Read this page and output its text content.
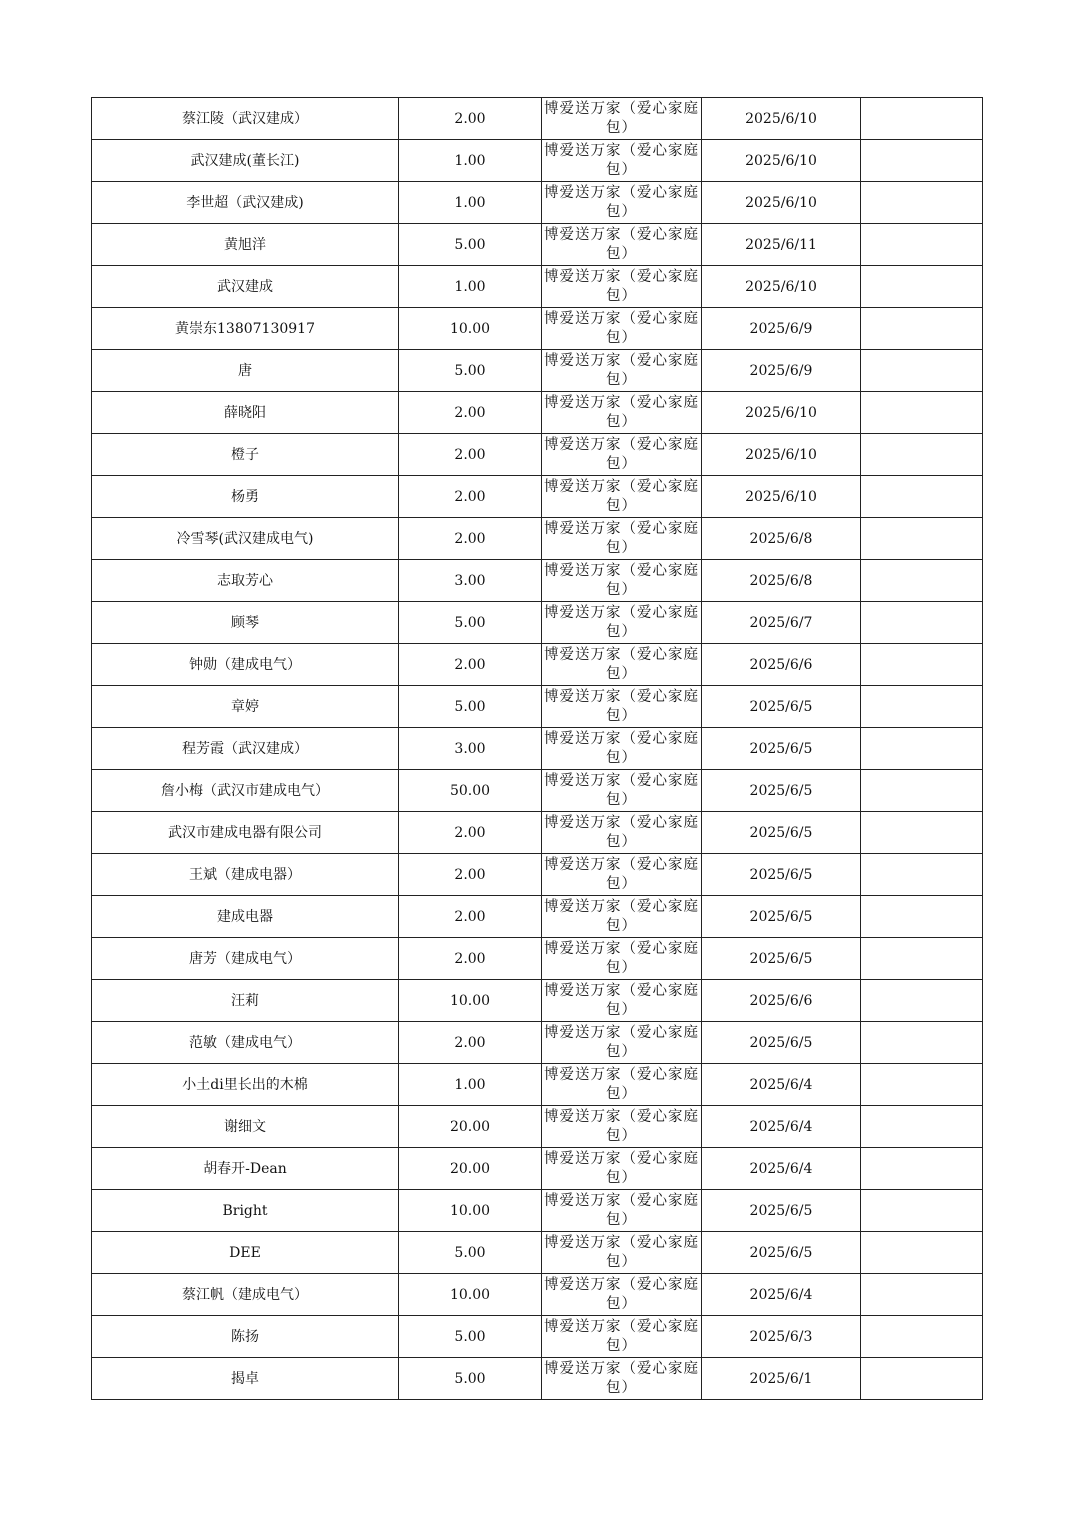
蔡江陵（武汉建成）	2.00	博爱送万家（爱心家庭包）	2025/6/10	
武汉建成(董长江)	1.00	博爱送万家（爱心家庭包）	2025/6/10	
李世超（武汉建成)	1.00	博爱送万家（爱心家庭包）	2025/6/10	
黄旭洋	5.00	博爱送万家（爱心家庭包）	2025/6/11	
武汉建成	1.00	博爱送万家（爱心家庭包）	2025/6/10	
黄崇东13807130917	10.00	博爱送万家（爱心家庭包）	2025/6/9	
唐	5.00	博爱送万家（爱心家庭包）	2025/6/9	
薛晓阳	2.00	博爱送万家（爱心家庭包）	2025/6/10	
橙子	2.00	博爱送万家（爱心家庭包）	2025/6/10	
杨勇	2.00	博爱送万家（爱心家庭包）	2025/6/10	
冷雪琴(武汉建成电气)	2.00	博爱送万家（爱心家庭包）	2025/6/8	
志取芳心	3.00	博爱送万家（爱心家庭包）	2025/6/8	
顾琴	5.00	博爱送万家（爱心家庭包）	2025/6/7	
钟勋（建成电气）	2.00	博爱送万家（爱心家庭包）	2025/6/6	
章婷	5.00	博爱送万家（爱心家庭包）	2025/6/5	
程芳霞（武汉建成）	3.00	博爱送万家（爱心家庭包）	2025/6/5	
詹小梅（武汉市建成电气）	50.00	博爱送万家（爱心家庭包）	2025/6/5	
武汉市建成电器有限公司	2.00	博爱送万家（爱心家庭包）	2025/6/5	
王斌（建成电器）	2.00	博爱送万家（爱心家庭包）	2025/6/5	
建成电器	2.00	博爱送万家（爱心家庭包）	2025/6/5	
唐芳（建成电气）	2.00	博爱送万家（爱心家庭包）	2025/6/5	
汪莉	10.00	博爱送万家（爱心家庭包）	2025/6/6	
范敏（建成电气）	2.00	博爱送万家（爱心家庭包）	2025/6/5	
小土di里长出的木棉	1.00	博爱送万家（爱心家庭包）	2025/6/4	
谢细文	20.00	博爱送万家（爱心家庭包）	2025/6/4	
胡春开-Dean	20.00	博爱送万家（爱心家庭包）	2025/6/4	
Bright	10.00	博爱送万家（爱心家庭包）	2025/6/5	
DEE	5.00	博爱送万家（爱心家庭包）	2025/6/5	
蔡江帆（建成电气）	10.00	博爱送万家（爱心家庭包）	2025/6/4	
陈扬	5.00	博爱送万家（爱心家庭包）	2025/6/3	
揭卓	5.00	博爱送万家（爱心家庭包）	2025/6/1	
